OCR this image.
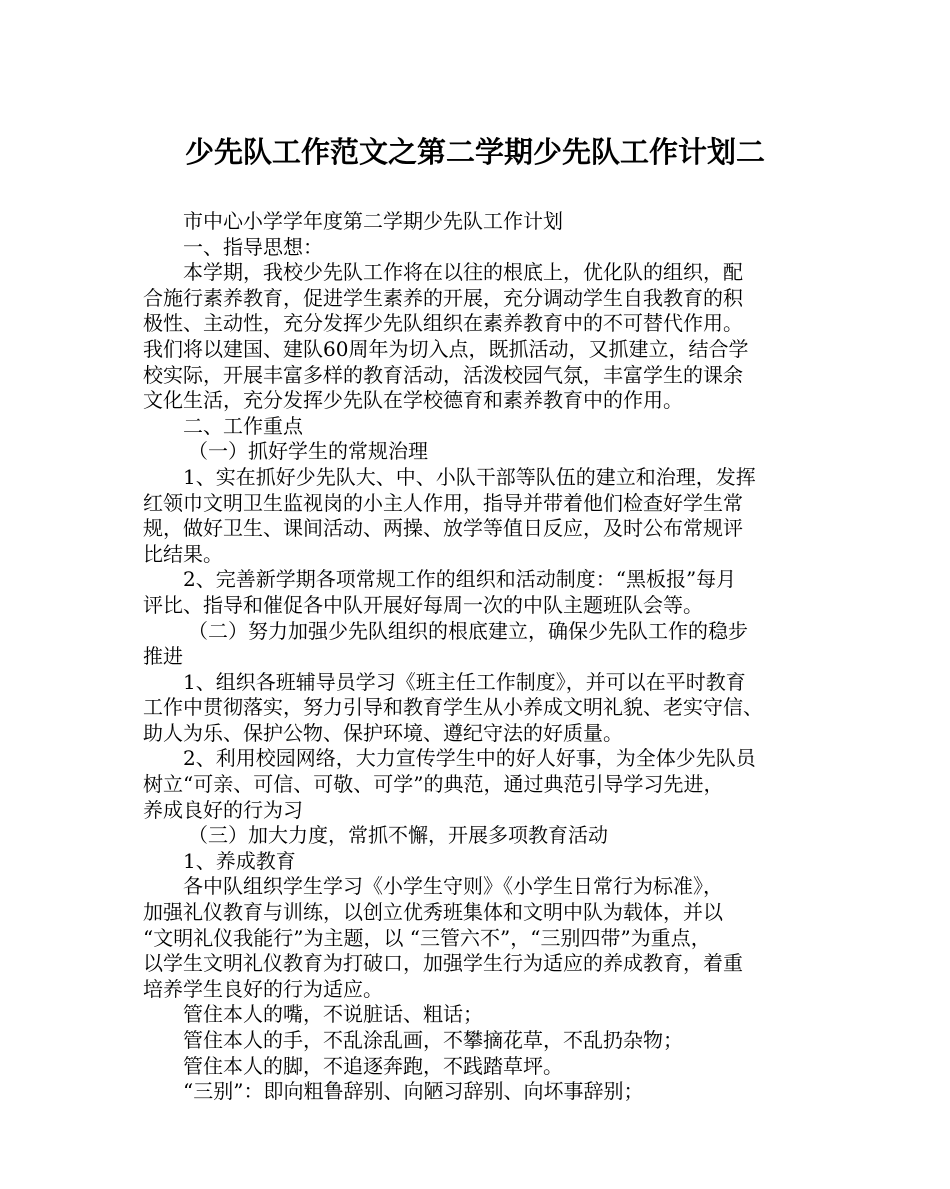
少先队工作范文之第二学期少先队工作计划二
市中心小学学年度第二学期少先队工作计划
一、指导思想：
本学期，我校少先队工作将在以往的根底上，优化队的组织，配
合施行素养教育，促进学生素养的开展，充分调动学生自我教育的积
极性、主动性，充分发挥少先队组织在素养教育中的不可替代作用。
我们将以建国、建队60周年为切入点，既抓活动，又抓建立，结合学
校实际，开展丰富多样的教育活动，活泼校园气氛，丰富学生的课余
文化生活，充分发挥少先队在学校德育和素养教育中的作用。
二、工作重点
（一）抓好学生的常规治理
1、实在抓好少先队大、中、小队干部等队伍的建立和治理，发挥
红领巾文明卫生监视岗的小主人作用，指导并带着他们检查好学生常
规，做好卫生、课间活动、两操、放学等值日反应，及时公布常规评
比结果。
2、完善新学期各项常规工作的组织和活动制度：“黑板报”每月
评比、指导和催促各中队开展好每周一次的中队主题班队会等。
（二）努力加强少先队组织的根底建立，确保少先队工作的稳步
推进
1、组织各班辅导员学习《班主任工作制度》，并可以在平时教育
工作中贯彻落实，努力引导和教育学生从小养成文明礼貌、老实守信、
助人为乐、保护公物、保护环境、遵纪守法的好质量。
2、利用校园网络，大力宣传学生中的好人好事，为全体少先队员
树立“可亲、可信、可敬、可学”的典范，通过典范引导学习先进，
养成良好的行为习
（三）加大力度，常抓不懈，开展多项教育活动
1、养成教育
各中队组织学生学习《小学生守则》《小学生日常行为标准》，
加强礼仪教育与训练，以创立优秀班集体和文明中队为载体，并以
“文明礼仪我能行”为主题，以 “三管六不”，“三别四带”为重点，
以学生文明礼仪教育为打破口，加强学生行为适应的养成教育，着重
培养学生良好的行为适应。
管住本人的嘴，不说脏话、粗话；
管住本人的手，不乱涂乱画，不攀摘花草，不乱扔杂物；
管住本人的脚，不追逐奔跑，不践踏草坪。
“三别”：即向粗鲁辞别、向陋习辞别、向坏事辞别；
